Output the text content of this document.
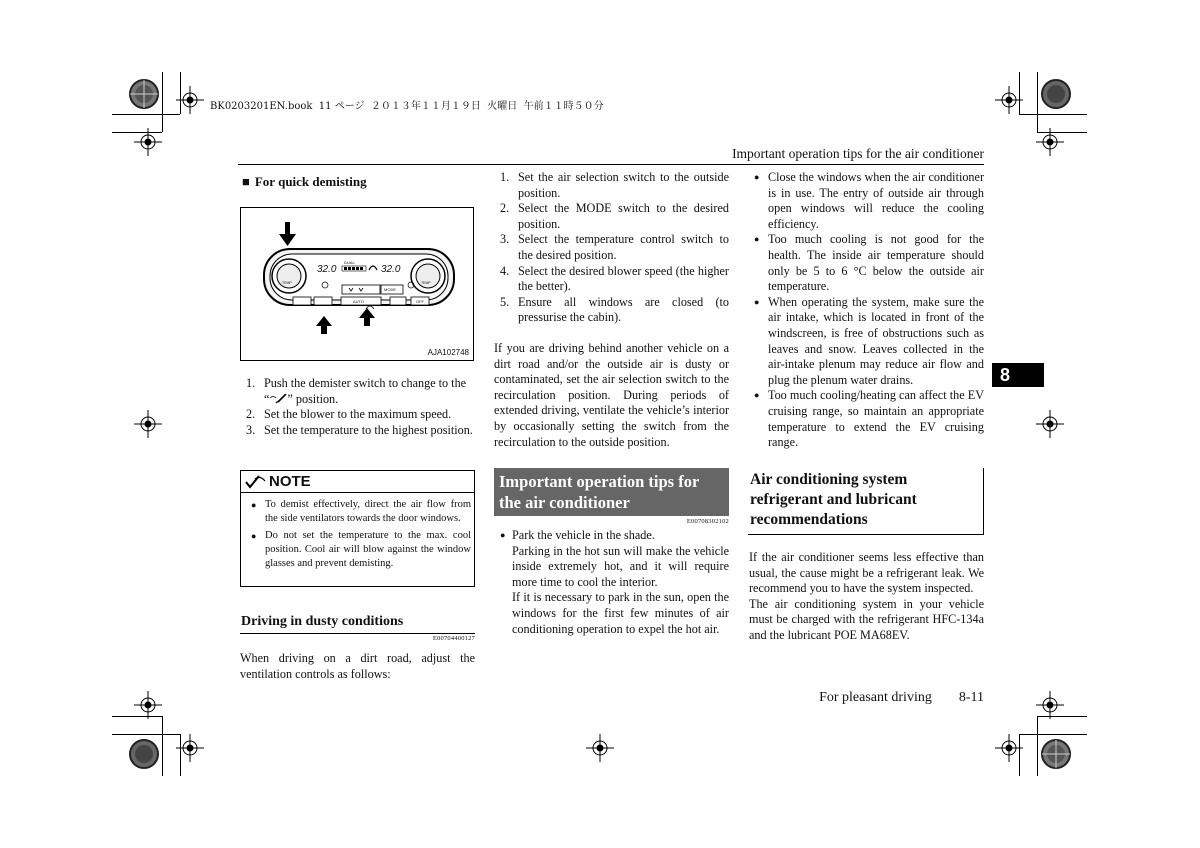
BK0203201EN.book  11 ページ  ２０１３年１１月１９日  火曜日  午前１１時５０分
Important operation tips for the air conditioner
8
■ For quick demisting
32.0	32.0
DUAL
TEMP	TEMP
MODE
AUTO	OFF
AJA102748
1. Push the demister switch to change to the
“ ” position.
2. Set the blower to the maximum speed.
3. Set the temperature to the highest position.
NOTE
● To demist effectively, direct the air flow from the side ventilators towards the door windows.
● Do not set the temperature to the max. cool position. Cool air will blow against the window glasses and prevent demisting.
Driving in dusty conditions
E00704400127
When driving on a dirt road, adjust the ventilation controls as follows:
1. Set the air selection switch to the outside position.
2. Select the MODE switch to the desired position.
3. Select the temperature control switch to the desired position.
4. Select the desired blower speed (the higher the better).
5. Ensure all windows are closed (to pressurise the cabin).
If you are driving behind another vehicle on a dirt road and/or the outside air is dusty or contaminated, set the air selection switch to the recirculation position. During periods of extended driving, ventilate the vehicle’s interior by occasionally setting the switch from the recirculation to the outside position.
Important operation tips for the air conditioner
E00708302102
● Park the vehicle in the shade.
Parking in the hot sun will make the vehicle inside extremely hot, and it will require more time to cool the interior.
If it is necessary to park in the sun, open the windows for the first few minutes of air conditioning operation to expel the hot air.
● Close the windows when the air conditioner is in use. The entry of outside air through open windows will reduce the cooling efficiency.
● Too much cooling is not good for the health. The inside air temperature should only be 5 to 6 °C below the outside air temperature.
● When operating the system, make sure the air intake, which is located in front of the windscreen, is free of obstructions such as leaves and snow. Leaves collected in the air-intake plenum may reduce air flow and plug the plenum water drains.
● Too much cooling/heating can affect the EV cruising range, so maintain an appropriate temperature to extend the EV cruising range.
Air conditioning system refrigerant and lubricant recommendations
If the air conditioner seems less effective than usual, the cause might be a refrigerant leak. We recommend you to have the system inspected.
The air conditioning system in your vehicle must be charged with the refrigerant HFC-134a and the lubricant POE MA68EV.
For pleasant driving 8-11
